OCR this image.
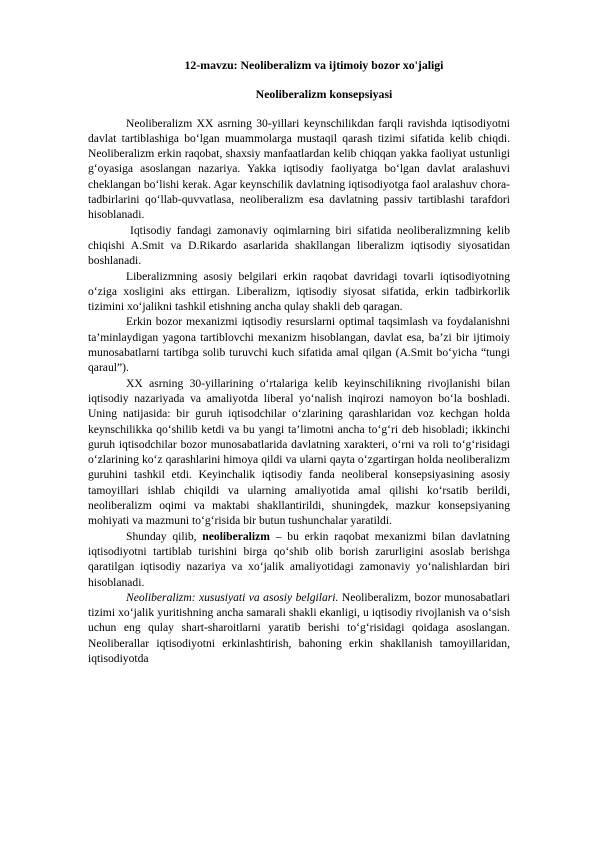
12-mavzu: Neoliberalizm va ijtimoiy bozor xo'jaligi
Neoliberalizm konsepsiyasi

Neoliberalizm XX asrning 30-yillari keynschilikdan farqli ravishda iqtisodiyotni davlat tartiblashiga boʻlgan muammolarga mustaqil qarash tizimi sifatida kelib chiqdi. Neoliberalizm erkin raqobat, shaxsiy manfaatlardan kelib chiqqan yakka faoliyat ustunligi gʻoyasiga asoslangan nazariya. Yakka iqtisodiy faoliyatga boʻlgan davlat aralashuvi cheklangan boʻlishi kerak. Agar keynschilik davlatning iqtisodiyotga faol aralashuv chora-tadbirlarini qoʻllab-quvvatlasa, neoliberalizm esa davlatning passiv tartiblashi tarafdori hisoblanadi.

Iqtisodiy fandagi zamonaviy oqimlarning biri sifatida neoliberalizmning kelib chiqishi A.Smit va D.Rikardo asarlarida shakllangan liberalizm iqtisodiy siyosatidan boshlanadi.

Liberalizmning asosiy belgilari erkin raqobat davridagi tovarli iqtisodiyotning oʻziga xosligini aks ettirgan. Liberalizm, iqtisodiy siyosat sifatida, erkin tadbirkorlik tizimini xoʻjalikni tashkil etishning ancha qulay shakli deb qaragan.

Erkin bozor mexanizmi iqtisodiy resurslarni optimal taqsimlash va foydalanishni ta’minlaydigan yagona tartiblovchi mexanizm hisoblangan, davlat esa, ba’zi bir ijtimoiy munosabatlarni tartibga solib turuvchi kuch sifatida amal qilgan (A.Smit boʻyicha “tungi qaraul”).

XX asrning 30-yillarining oʻrtalariga kelib keyinschilikning rivojlanishi bilan iqtisodiy nazariyada va amaliyotda liberal yoʻnalish inqirozi namoyon boʻla boshladi. Uning natijasida: bir guruh iqtisodchilar oʻzlarining qarashlaridan voz kechgan holda keynschilikka qoʻshilib ketdi va bu yangi ta’limotni ancha toʻgʻri deb hisobladi; ikkinchi guruh iqtisodchilar bozor munosabatlarida davlatning xarakteri, oʻrni va roli toʻgʻrisidagi oʻzlarining koʻz qarashlarini himoya qildi va ularni qayta oʻzgartirgan holda neoliberalizm guruhini tashkil etdi. Keyinchalik iqtisodiy fanda neoliberal konsepsiyasining asosiy tamoyillari ishlab chiqildi va ularning amaliyotida amal qilishi koʻrsatib berildi, neoliberalizm oqimi va maktabi shakllantirildi, shuningdek, mazkur konsepsiyaning mohiyati va mazmuni toʻgʻrisida bir butun tushunchalar yaratildi.

Shunday qilib, neoliberalizm – bu erkin raqobat mexanizmi bilan davlatning iqtisodiyotni tartiblab turishini birga qoʻshib olib borish zarurligini asoslab berishga qaratilgan iqtisodiy nazariya va xoʻjalik amaliyotidagi zamonaviy yoʻnalishlardan biri hisoblanadi.

Neoliberalizm: xususiyati va asosiy belgilari. Neoliberalizm, bozor munosabatlari tizimi xoʻjalik yuritishning ancha samarali shakli ekanligi, u iqtisodiy rivojlanish va oʻsish uchun eng qulay shart-sharoitlarni yaratib berishi toʻgʻrisidagi qoidaga asoslangan. Neoliberallar iqtisodiyotni erkinlashtirish, bahoning erkin shakllanish tamoyillaridan, iqtisodiyotda
